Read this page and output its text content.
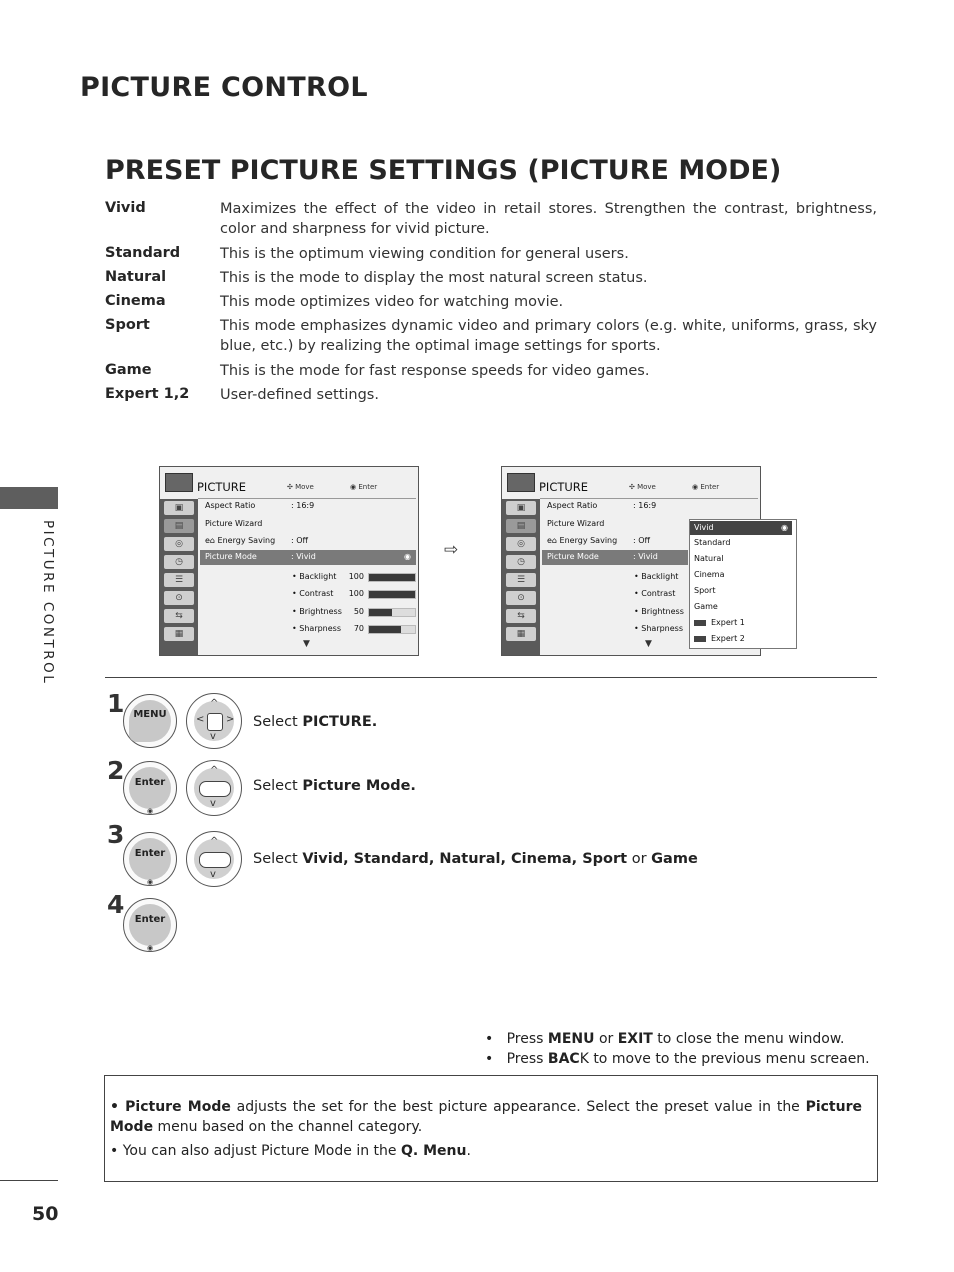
PICTURE CONTROL
PRESET PICTURE SETTINGS (PICTURE MODE)
Vivid	Maximizes the effect of the video in retail stores. Strengthen the contrast, brightness, color and sharpness for vivid picture.
Standard	This is the optimum viewing condition for general users.
Natural	This is the mode to display the most natural screen status.
Cinema	This mode optimizes video for watching movie.
Sport	This mode emphasizes dynamic video and primary colors (e.g. white, uniforms, grass, sky blue, etc.) by realizing the optimal image settings for sports.
Game	This is the mode for fast response speeds for video games.
Expert 1,2 User-defined settings.
PICTURE CONTROL
50
PICTURE	✣ Move	◉ Enter
▣
▤
◎
◷
☰
⊙
⇆
▦
Aspect Ratio	: 16:9
Picture Wizard
e⌂ Energy Saving : Off
Picture Mode	: Vivid	◉
• Backlight	100
• Contrast	100
• Brightness	50
• Sharpness	70
▼
⇨
PICTURE	✣ Move	◉ Enter
▣
▤
◎
◷
☰
⊙
⇆
▦
Aspect Ratio	: 16:9
Picture Wizard
e⌂ Energy Saving : Off
Picture Mode	: Vivid
• Backlight
• Contrast
• Brightness
• Sharpness
▼
Vivid	◉
Standard
Natural
Cinema
Sport
Game
Expert 1
Expert 2
1 MENU
^
v
< > Select PICTURE.
2	Enter
◉
^
v
Select Picture Mode.
3
Enter
◉
^
v
Select Vivid, Standard, Natural, Cinema, Sport or Game
4
Enter
◉
•   Press MENU or EXIT to close the menu window.
•   Press BACK to move to the previous menu screaen.
• Picture Mode adjusts the set for the best picture appearance. Select the preset value in the Picture Mode menu based on the channel category.
• You can also adjust Picture Mode in the Q. Menu.
